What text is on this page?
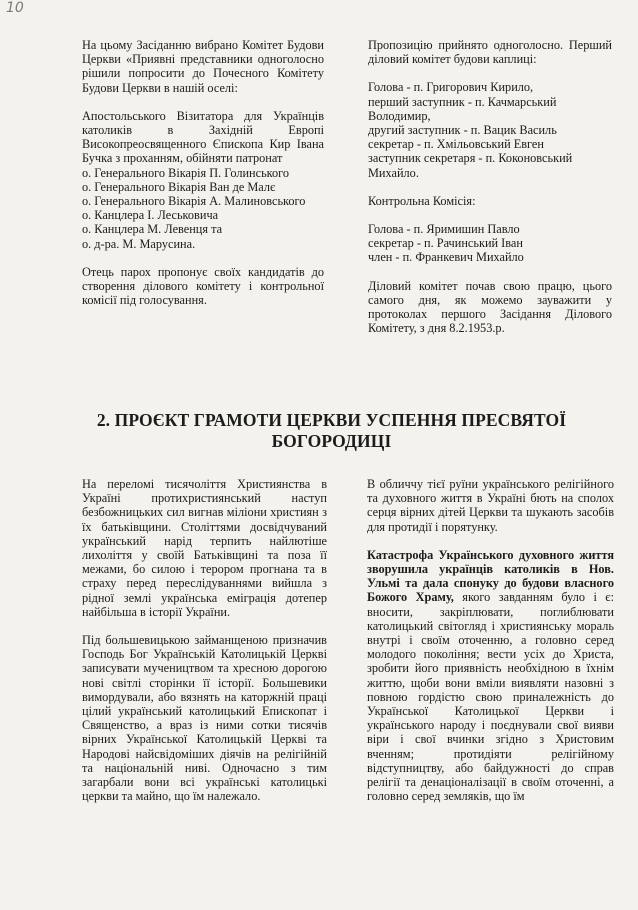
10

На цьому Засіданню вибрано Комітет Будови Церкви «Приявні представники одноголосно рішили попросити до Почесного Комітету Будови Церкви в нашій оселі:

Апостольського Візитатора для Українців католиків в Західній Европі Високопреосвященного Єпископа Кир Івана Бучка з проханням, обійняти патронат

о. Генерального Вікарія П. Голинського
о. Генерального Вікарія Ван де Малє
о. Генерального Вікарія А. Малиновського
о. Канцлера І. Леськовича
о. Канцлера М. Левенця та
о. д-ра. М. Марусина.

Отець парох пропонує своїх кандидатів до створення ділового комітету і контрольної комісії під голосування.

Пропозицію прийнято одноголосно. Перший діловий комітет будови каплиці:

Голова - п. Григорович Кирило,
перший заступник - п. Качмарський Володимир,
другий заступник - п. Вацик Василь
секретар - п. Хмільовський Евген
заступник секретаря - п. Коконовський Михайло.

Контрольна Комісія:

Голова - п. Яримишин Павло
секретар - п. Рачинський Іван
член - п. Франкевич Михайло

Діловий комітет почав свою працю, цього самого дня, як можемо зауважити у протоколах першого Засідання Ділового Комітету, з дня 8.2.1953.р.

2. ПРОЄКТ ГРАМОТИ ЦЕРКВИ УСПЕННЯ ПРЕСВЯТОЇ БОГОРОДИЦІ

На переломі тисячоліття Християнства в Україні протихристиянський наступ безбожницьких сил вигнав міліони християн з їх батьківщини. Століттями досвідчуваний український нарід терпить найлютіше лихоліття у своїй Батьківщині та поза її межами, бо силою і терором прогнана та в страху перед переслідуваннями вийшла з рідної землі українська еміграція дотепер найбільша в історії України.

Під большевицькою займанщеною призначив Господь Бог Українській Католицькій Церкві записувати мучеництвом та хресною дорогою нові світлі сторінки її історії. Большевики вимордували, або вязнять на каторжній праці цілий український католицький Епископат і Священство, а враз із ними сотки тисячів вірних Української Католицькій Церкві та Народові найсвідоміших діячів на релігійній та національній ниві. Одночасно з тим загарбали вони всі українські католицькі церкви та майно, що їм належало.

В обличчу тієї руїни українського релігійного та духовного життя в Україні бють на сполох серця вірних дітей Церкви та шукають засобів для протидії і порятунку.

Катастрофа Українського духовного життя зворушила українців католиків в Нов. Ульмі та дала спонуку до будови власного Божого Храму, якого завданням було і є: вносити, закріплювати, поглиблювати католицький світогляд і християнську мораль внутрі і своїм оточенню, а головно серед молодого покоління; вести усіх до Христа, зробити його приявність необхідною в їхнім життю, щоби вони вміли виявляти назовні з повною гордістю свою приналежність до Української Католицької Церкви і українського народу і поєднували свої вияви віри і свої вчинки згідно з Христовим вченням; протидіяти релігійному відступництву, або байдужності до справ релігії та денаціоналізації в своїм оточенні, а головно серед земляків, що їм
